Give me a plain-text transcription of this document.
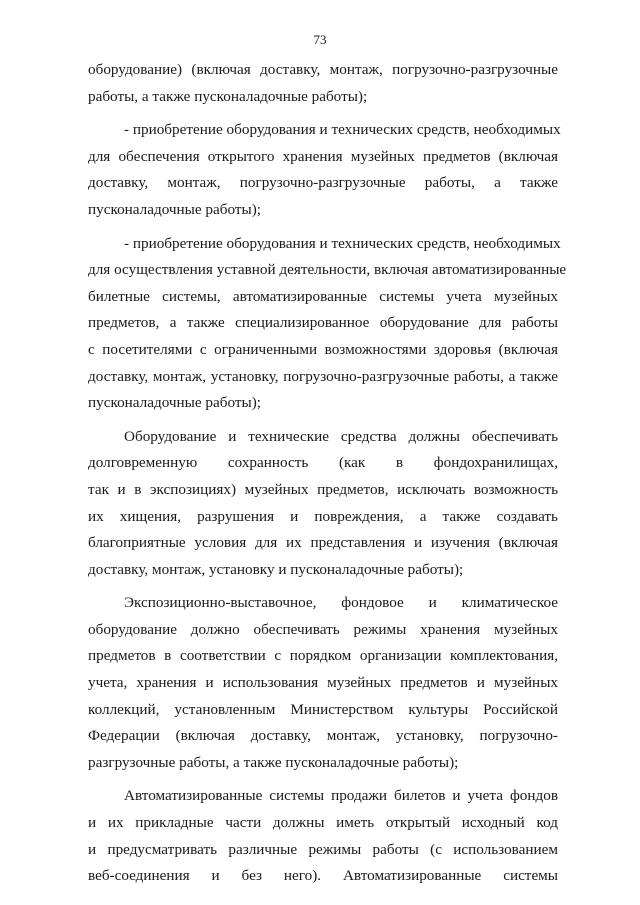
73
оборудование) (включая доставку, монтаж, погрузочно-разгрузочные
работы, а также пусконаладочные работы);
- приобретение оборудования и технических средств, необходимых
для обеспечения открытого хранения музейных предметов (включая
доставку, монтаж, погрузочно-разгрузочные работы, а также
пусконаладочные работы);
- приобретение оборудования и технических средств, необходимых
для осуществления уставной деятельности, включая автоматизированные
билетные системы, автоматизированные системы учета музейных
предметов, а также специализированное оборудование для работы
с посетителями с ограниченными возможностями здоровья (включая
доставку, монтаж, установку, погрузочно-разгрузочные работы, а также
пусконаладочные работы);
Оборудование и технические средства должны обеспечивать
долговременную сохранность (как в фондохранилищах,
так и в экспозициях) музейных предметов, исключать возможность
их хищения, разрушения и повреждения, а также создавать
благоприятные условия для их представления и изучения (включая
доставку, монтаж, установку и пусконаладочные работы);
Экспозиционно-выставочное, фондовое и климатическое
оборудование должно обеспечивать режимы хранения музейных
предметов в соответствии с порядком организации комплектования,
учета, хранения и использования музейных предметов и музейных
коллекций, установленным Министерством культуры Российской
Федерации (включая доставку, монтаж, установку, погрузочно-
разгрузочные работы, а также пусконаладочные работы);
Автоматизированные системы продажи билетов и учета фондов
и их прикладные части должны иметь открытый исходный код
и предусматривать различные режимы работы (с использованием
веб-соединения и без него). Автоматизированные системы
